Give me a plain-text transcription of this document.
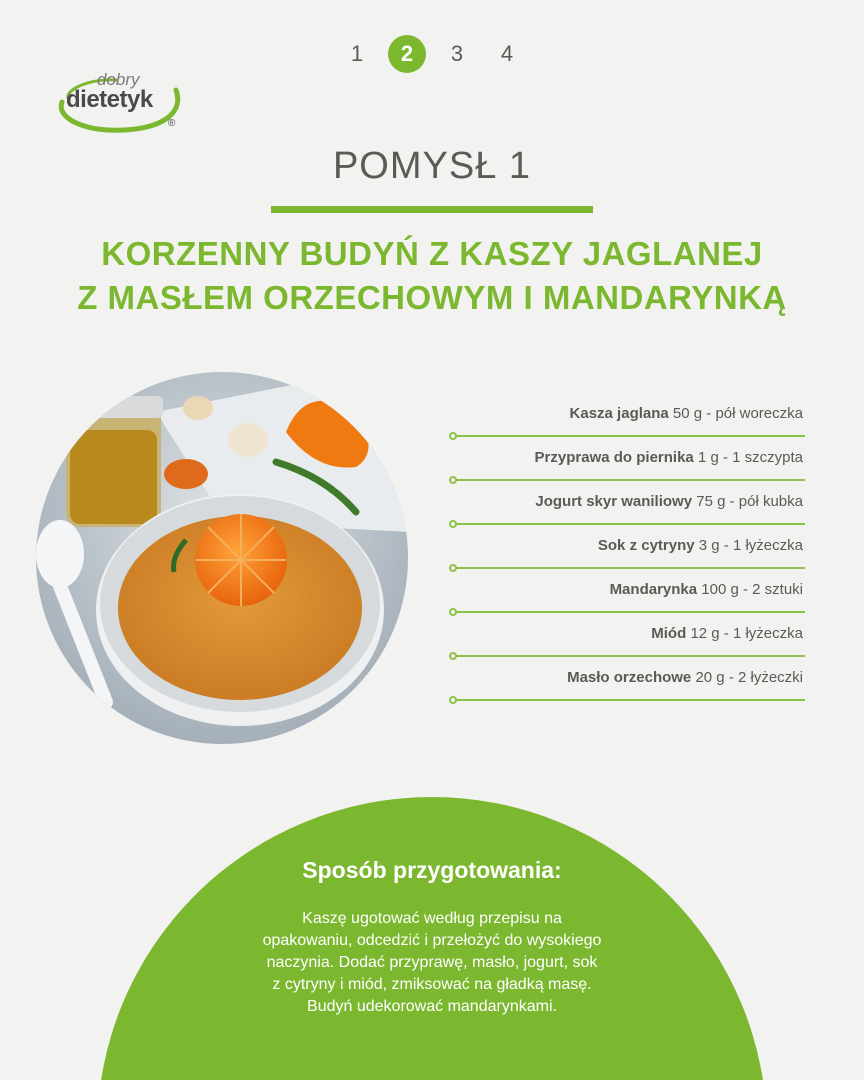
1	2	3 4
dobry
dietetyk
®
POMYSŁ 1
KORZENNY BUDYŃ Z KASZY JAGLANEJ
Z MASŁEM ORZECHOWYM I MANDARYNKĄ
Kasza jaglana 50 g - pół woreczka
Przyprawa do piernika 1 g - 1 szczypta
Jogurt skyr waniliowy 75 g - pół kubka
Sok z cytryny 3 g - 1 łyżeczka
Mandarynka 100 g - 2 sztuki
Miód 12 g - 1 łyżeczka
Masło orzechowe 20 g - 2 łyżeczki
Sposób przygotowania:
Kaszę ugotować według przepisu na
opakowaniu, odcedzić i przełożyć do wysokiego
naczynia. Dodać przyprawę, masło, jogurt, sok
z cytryny i miód, zmiksować na gładką masę.
Budyń udekorować mandarynkami.
